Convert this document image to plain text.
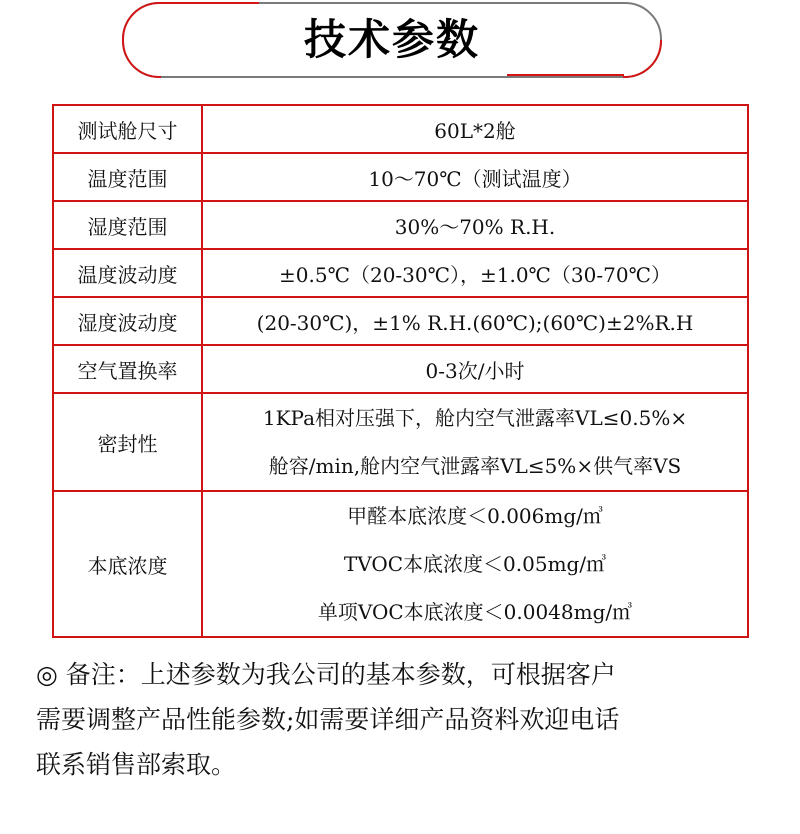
技术参数
测试舱尺寸	60L*2舱
温度范围	10～70℃（测试温度）
湿度范围	30%～70% R.H.
温度波动度	±0.5℃（20-30℃），±1.0℃（30-70℃）
湿度波动度	(20-30℃)，±1% R.H.(60℃);(60℃)±2%R.H
空气置换率	0-3次/小时
密封性	1KPa相对压强下，舱内空气泄露率VL≤0.5%×
舱容/min,舱内空气泄露率VL≤5%×供气率VS

本底浓度	甲醛本底浓度＜0.006mg/㎥
TVOC本底浓度＜0.05mg/㎥
单项VOC本底浓度＜0.0048mg/㎥
◎ 备注：上述参数为我公司的基本参数，可根据客户
需要调整产品性能参数;如需要详细产品资料欢迎电话
联系销售部索取。
